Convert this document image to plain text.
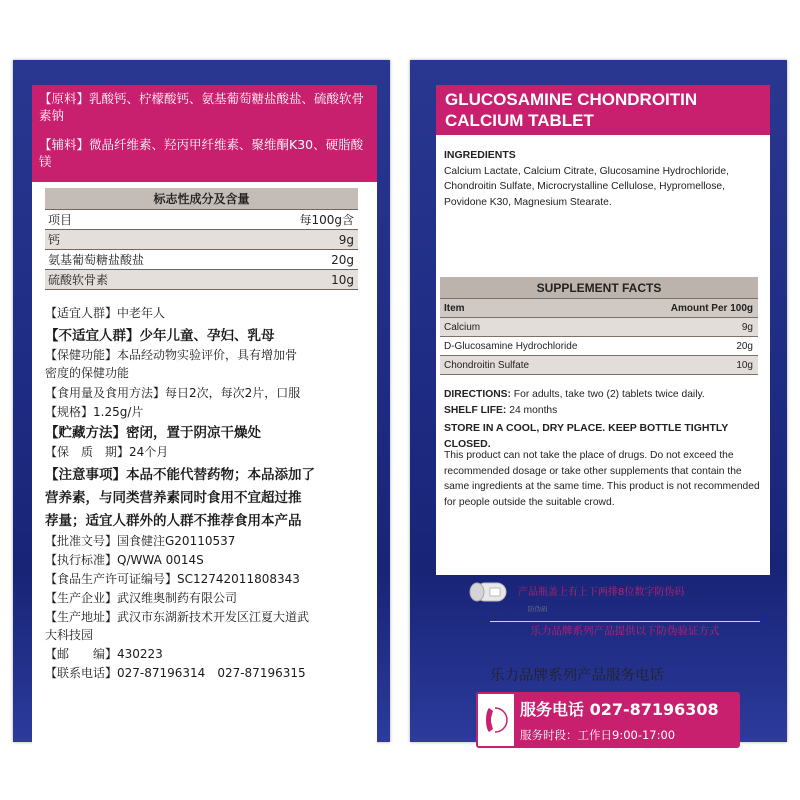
【原料】乳酸钙、柠檬酸钙、氨基葡萄糖盐酸盐、硫酸软骨素钠
【辅料】微晶纤维素、羟丙甲纤维素、聚维酮K30、硬脂酸镁
标志性成分及含量
项目	每100g含
钙	9g
氨基葡萄糖盐酸盐	20g
硫酸软骨素	10g
【适宜人群】中老年人
【不适宜人群】少年儿童、孕妇、乳母
【保健功能】本品经动物实验评价，具有增加骨
密度的保健功能
【食用量及食用方法】每日2次，每次2片，口服
【规格】1.25g/片
【贮藏方法】密闭，置于阴凉干燥处
【保　质　期】24个月
【注意事项】本品不能代替药物；本品添加了
营养素，与同类营养素同时食用不宜超过推
荐量；适宜人群外的人群不推荐食用本产品
【批准文号】国食健注G20110537
【执行标准】Q/WWA 0014S
【食品生产许可证编号】SC12742011808343
【生产企业】武汉维奥制药有限公司
【生产地址】武汉市东湖新技术开发区江夏大道武
大科技园
【邮　　编】430223
【联系电话】027-87196314　027-87196315
GLUCOSAMINE CHONDROITIN
CALCIUM TABLET
INGREDIENTS
Calcium Lactate, Calcium Citrate, Glucosamine Hydrochloride, Chondroitin Sulfate, Microcrystalline Cellulose, Hypromellose, Povidone K30, Magnesium Stearate.
SUPPLEMENT FACTS
Item	Amount Per 100g
Calcium	9g
D-Glucosamine Hydrochloride	20g
Chondroitin Sulfate	10g
DIRECTIONS: For adults, take two (2) tablets twice daily.
SHELF LIFE: 24 months
STORE IN A COOL, DRY PLACE. KEEP BOTTLE TIGHTLY CLOSED.
This product can not take the place of drugs. Do not exceed the recommended dosage or take other supplements that contain the same ingredients at the same time. This product is not recommended for people outside the suitable crowd.
产品瓶盖上有上下两排8位数字防伪码
防伪码
乐力品牌系列产品提供以下防伪验证方式
乐力品牌系列产品服务电话
服务电话 027-87196308
服务时段：工作日9:00-17:00
